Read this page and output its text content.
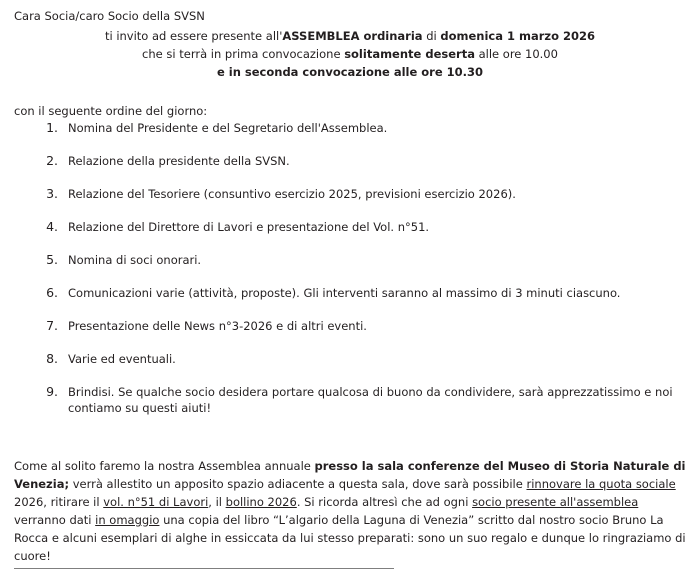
Cara Socia/caro Socio della SVSN
ti invito ad essere presente all'ASSEMBLEA ordinaria di domenica 1 marzo 2026
che si terrà in prima convocazione solitamente deserta alle ore 10.00
e in seconda convocazione alle ore 10.30
con il seguente ordine del giorno:
1. Nomina del Presidente e del Segretario dell'Assemblea.
2. Relazione della presidente della SVSN.
3. Relazione del Tesoriere (consuntivo esercizio 2025, previsioni esercizio 2026).
4. Relazione del Direttore di Lavori e presentazione del Vol. n°51.
5. Nomina di soci onorari.
6. Comunicazioni varie (attività, proposte). Gli interventi saranno al massimo di 3 minuti ciascuno.
7. Presentazione delle News n°3-2026 e di altri eventi.
8. Varie ed eventuali.
9. Brindisi. Se qualche socio desidera portare qualcosa di buono da condividere, sarà apprezzatissimo e noi contiamo su questi aiuti!
Come al solito faremo la nostra Assemblea annuale presso la sala conferenze del Museo di Storia Naturale di Venezia; verrà allestito un apposito spazio adiacente a questa sala, dove sarà possibile rinnovare la quota sociale 2026, ritirare il vol. n°51 di Lavori, il bollino 2026. Si ricorda altresì che ad ogni socio presente all'assemblea verranno dati in omaggio una copia del libro “L’algario della Laguna di Venezia” scritto dal nostro socio Bruno La Rocca e alcuni esemplari di alghe in essiccata da lui stesso preparati: sono un suo regalo e dunque lo ringraziamo di cuore!
